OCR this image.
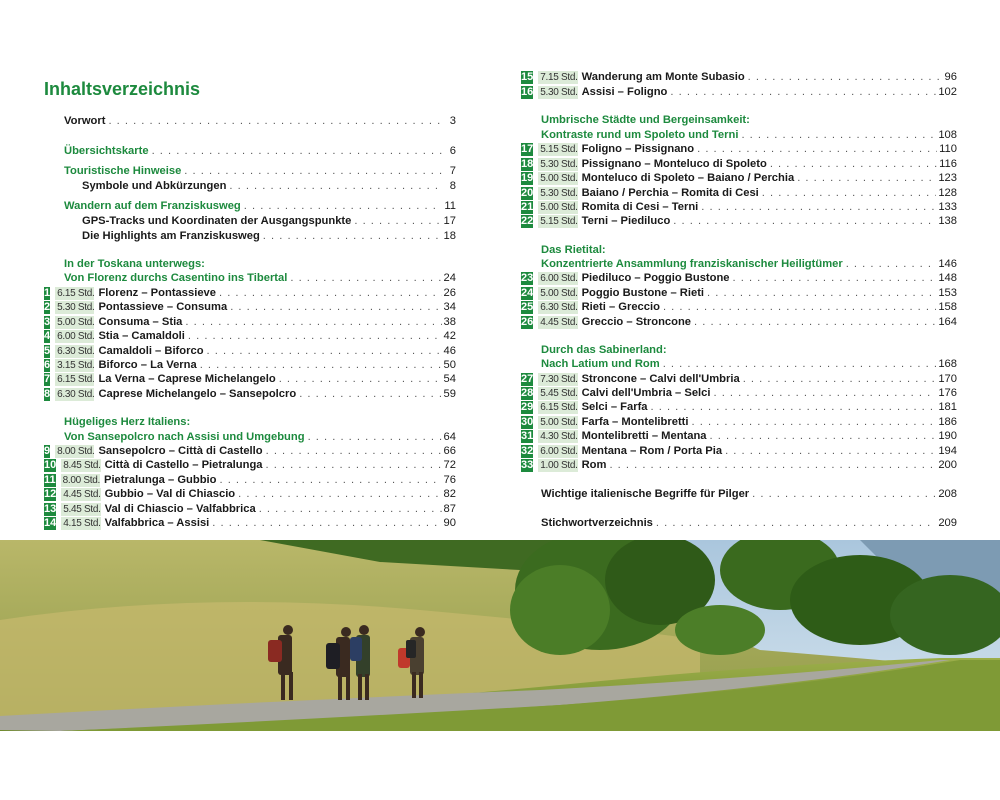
Inhaltsverzeichnis
Vorwort . . .	3
Übersichtskarte . . .	6
Touristische Hinweise . . .	7
Symbole und Abkürzungen . . .	8
Wandern auf dem Franziskusweg . . .	11
GPS-Tracks und Koordinaten der Ausgangspunkte . . .	17
Die Highlights am Franziskusweg . . .	18
In der Toskana unterwegs:
Von Florenz durchs Casentino ins Tibertal . . .	24
1 6.15 Std. Florenz – Pontassieve . . .	26
2 5.30 Std. Pontassieve – Consuma . . .	34
3 5.00 Std. Consuma – Stia . . .	38
4 6.00 Std. Stia – Camaldoli . . .	42
5 6.30 Std. Camaldoli – Biforco . . .	46
6 3.15 Std. Biforco – La Verna . . .	50
7 6.15 Std. La Verna – Caprese Michelangelo . . .	54
8 6.30 Std. Caprese Michelangelo – Sansepolcro . . .	59
Hügeliges Herz Italiens:
Von Sansepolcro nach Assisi und Umgebung . . .	64
9 8.00 Std. Sansepolcro – Città di Castello . . .	66
10 8.45 Std. Città di Castello – Pietralunga . . .	72
11 8.00 Std. Pietralunga – Gubbio . . .	76
12 4.45 Std. Gubbio – Val di Chiascio . . .	82
13 5.45 Std. Val di Chiascio – Valfabbrica . . .	87
14 4.15 Std. Valfabbrica – Assisi . . .	90
15 7.15 Std. Wanderung am Monte Subasio . . .	96
16 5.30 Std. Assisi – Foligno . . .	102
Umbrische Städte und Bergeinsamkeit:
Kontraste rund um Spoleto und Terni . . .	108
17 5.15 Std. Foligno – Pissignano . . .	110
18 5.30 Std. Pissignano – Monteluco di Spoleto . . .	116
19 5.00 Std. Monteluco di Spoleto – Baiano / Perchia . . .	123
20 5.30 Std. Baiano / Perchia – Romita di Cesi . . .	128
21 5.00 Std. Romita di Cesi – Terni . . .	133
22 5.15 Std. Terni – Piediluco . . .	138
Das Rietital:
Konzentrierte Ansammlung franziskanischer Heiligtümer . . .	146
23 6.00 Std. Piediluco – Poggio Bustone . . .	148
24 5.00 Std. Poggio Bustone – Rieti . . .	153
25 6.30 Std. Rieti – Greccio . . .	158
26 4.45 Std. Greccio – Stronconе . . .	164
Durch das Sabinerland:
Nach Latium und Rom . . .	168
27 7.30 Std. Stronconе – Calvi dell'Umbria . . .	170
28 5.45 Std. Calvi dell'Umbria – Selci . . .	176
29 6.15 Std. Selci – Farfa . . .	181
30 5.00 Std. Farfa – Montelibretti . . .	186
31 4.30 Std. Montelibretti – Mentana . . .	190
32 6.00 Std. Mentana – Rom / Porta Pia . . .	194
33 1.00 Std. Rom . . .	200
Wichtige italienische Begriffe für Pilger . . .	208
Stichwortverzeichnis . . .	209
